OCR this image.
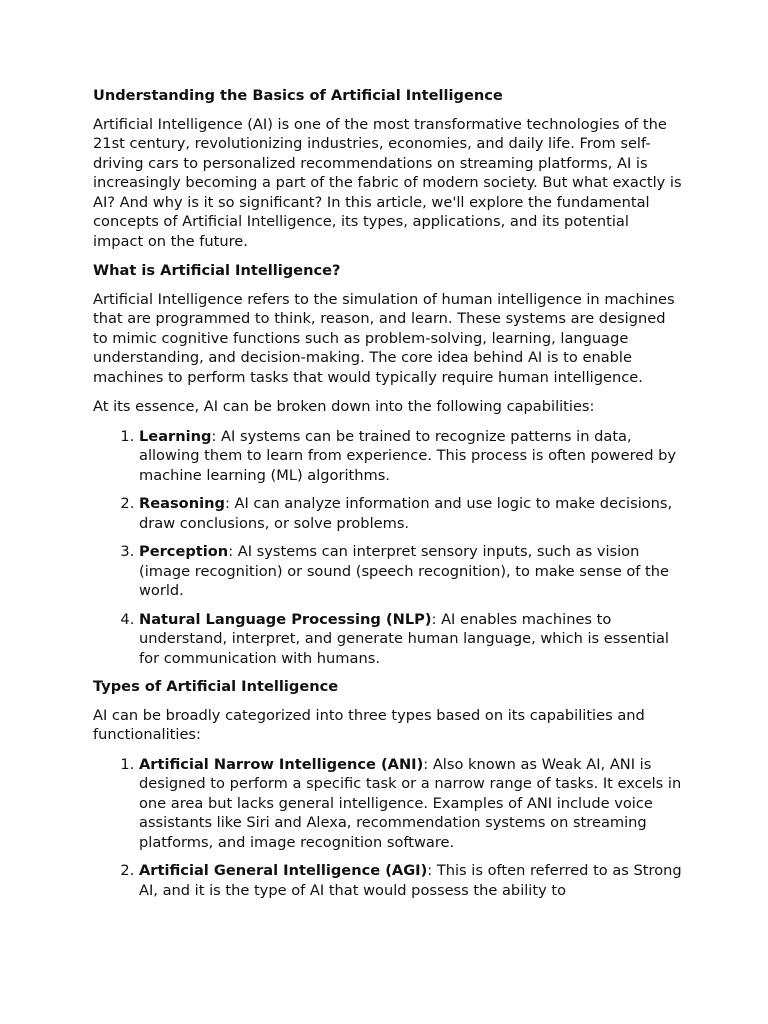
Understanding the Basics of Artificial Intelligence

Artificial Intelligence (AI) is one of the most transformative technologies of the 21st century, revolutionizing industries, economies, and daily life. From self-driving cars to personalized recommendations on streaming platforms, AI is increasingly becoming a part of the fabric of modern society. But what exactly is AI? And why is it so significant? In this article, we'll explore the fundamental concepts of Artificial Intelligence, its types, applications, and its potential impact on the future.

What is Artificial Intelligence?

Artificial Intelligence refers to the simulation of human intelligence in machines that are programmed to think, reason, and learn. These systems are designed to mimic cognitive functions such as problem-solving, learning, language understanding, and decision-making. The core idea behind AI is to enable machines to perform tasks that would typically require human intelligence.

At its essence, AI can be broken down into the following capabilities:

1. Learning: AI systems can be trained to recognize patterns in data, allowing them to learn from experience. This process is often powered by machine learning (ML) algorithms.
2. Reasoning: AI can analyze information and use logic to make decisions, draw conclusions, or solve problems.
3. Perception: AI systems can interpret sensory inputs, such as vision (image recognition) or sound (speech recognition), to make sense of the world.
4. Natural Language Processing (NLP): AI enables machines to understand, interpret, and generate human language, which is essential for communication with humans.
Types of Artificial Intelligence

AI can be broadly categorized into three types based on its capabilities and functionalities:

1. Artificial Narrow Intelligence (ANI): Also known as Weak AI, ANI is designed to perform a specific task or a narrow range of tasks. It excels in one area but lacks general intelligence. Examples of ANI include voice assistants like Siri and Alexa, recommendation systems on streaming platforms, and image recognition software.
2. Artificial General Intelligence (AGI): This is often referred to as Strong AI, and it is the type of AI that would possess the ability to
